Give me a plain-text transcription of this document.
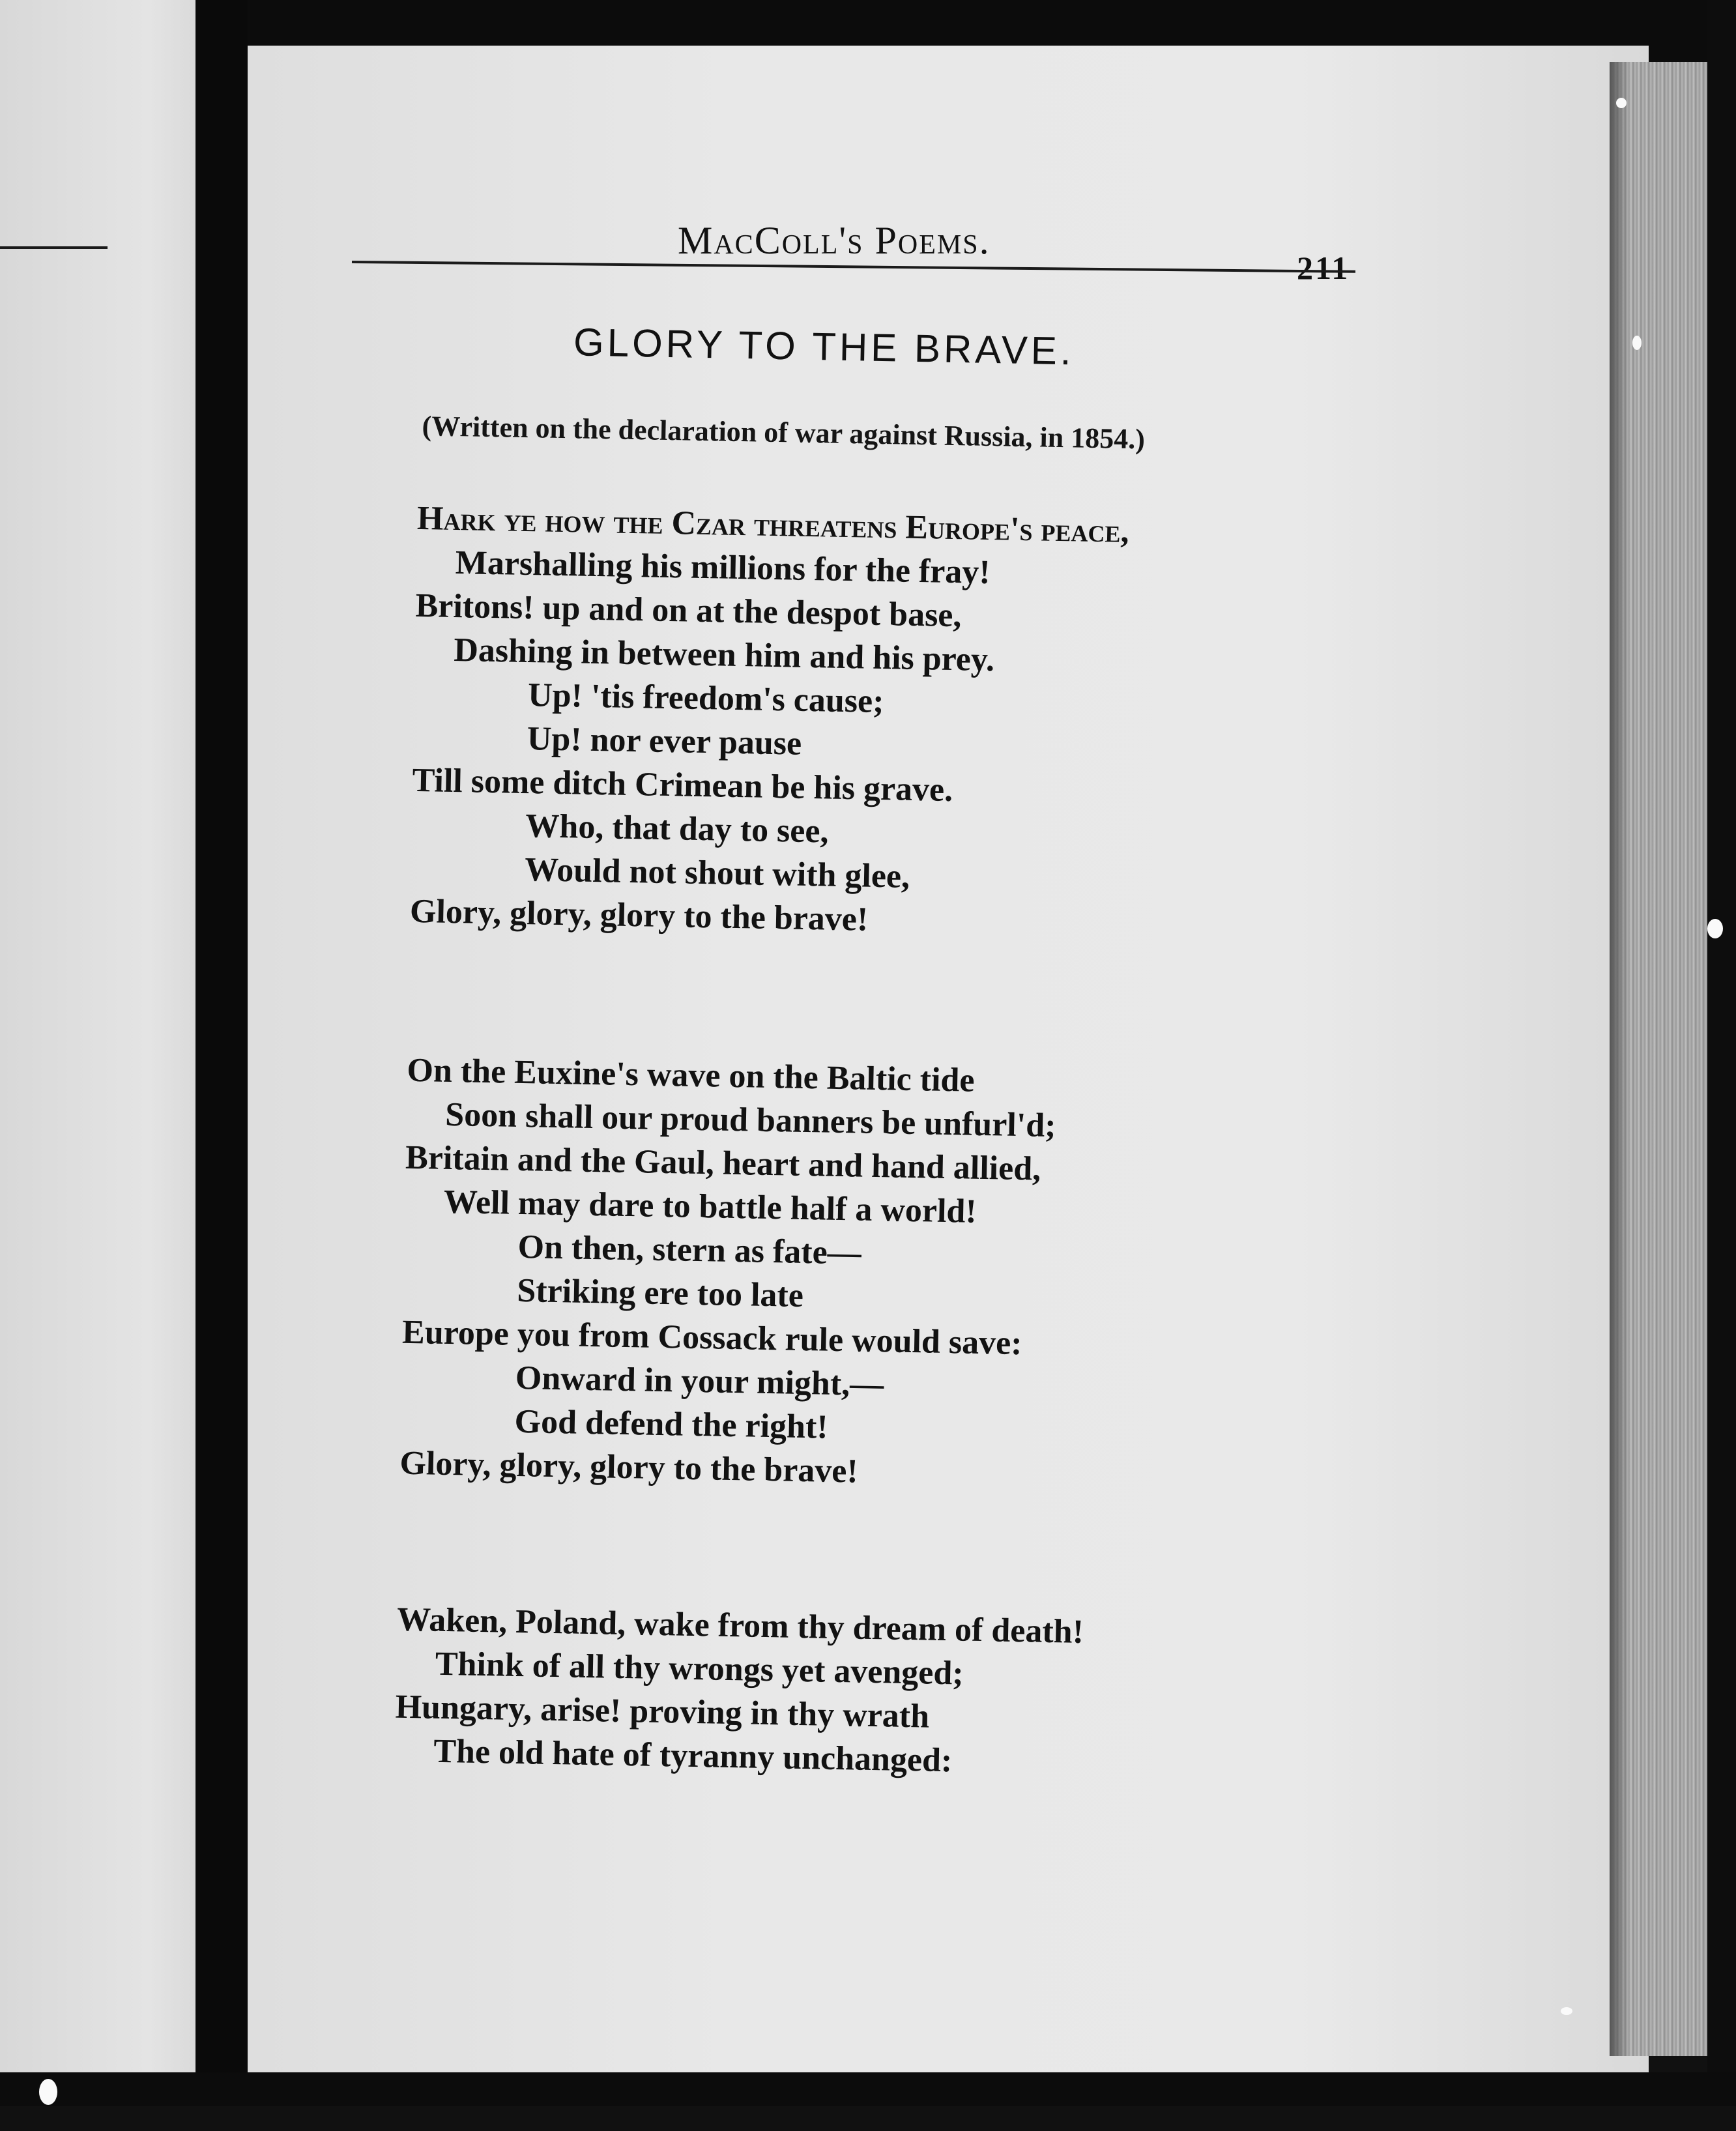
MacColl's Poems.
211
GLORY TO THE BRAVE.
(Written on the declaration of war against Russia, in 1854.)
Hark ye how the Czar threatens Europe's peace,
Marshalling his millions for the fray!
Britons! up and on at the despot base,
Dashing in between him and his prey.
Up! 'tis freedom's cause;
Up! nor ever pause
Till some ditch Crimean be his grave.
Who, that day to see,
Would not shout with glee,
Glory, glory, glory to the brave!
On the Euxine's wave on the Baltic tide
Soon shall our proud banners be unfurl'd;
Britain and the Gaul, heart and hand allied,
Well may dare to battle half a world!
On then, stern as fate—
Striking ere too late
Europe you from Cossack rule would save:
Onward in your might,—
God defend the right!
Glory, glory, glory to the brave!
Waken, Poland, wake from thy dream of death!
Think of all thy wrongs yet avenged;
Hungary, arise! proving in thy wrath
The old hate of tyranny unchanged:
